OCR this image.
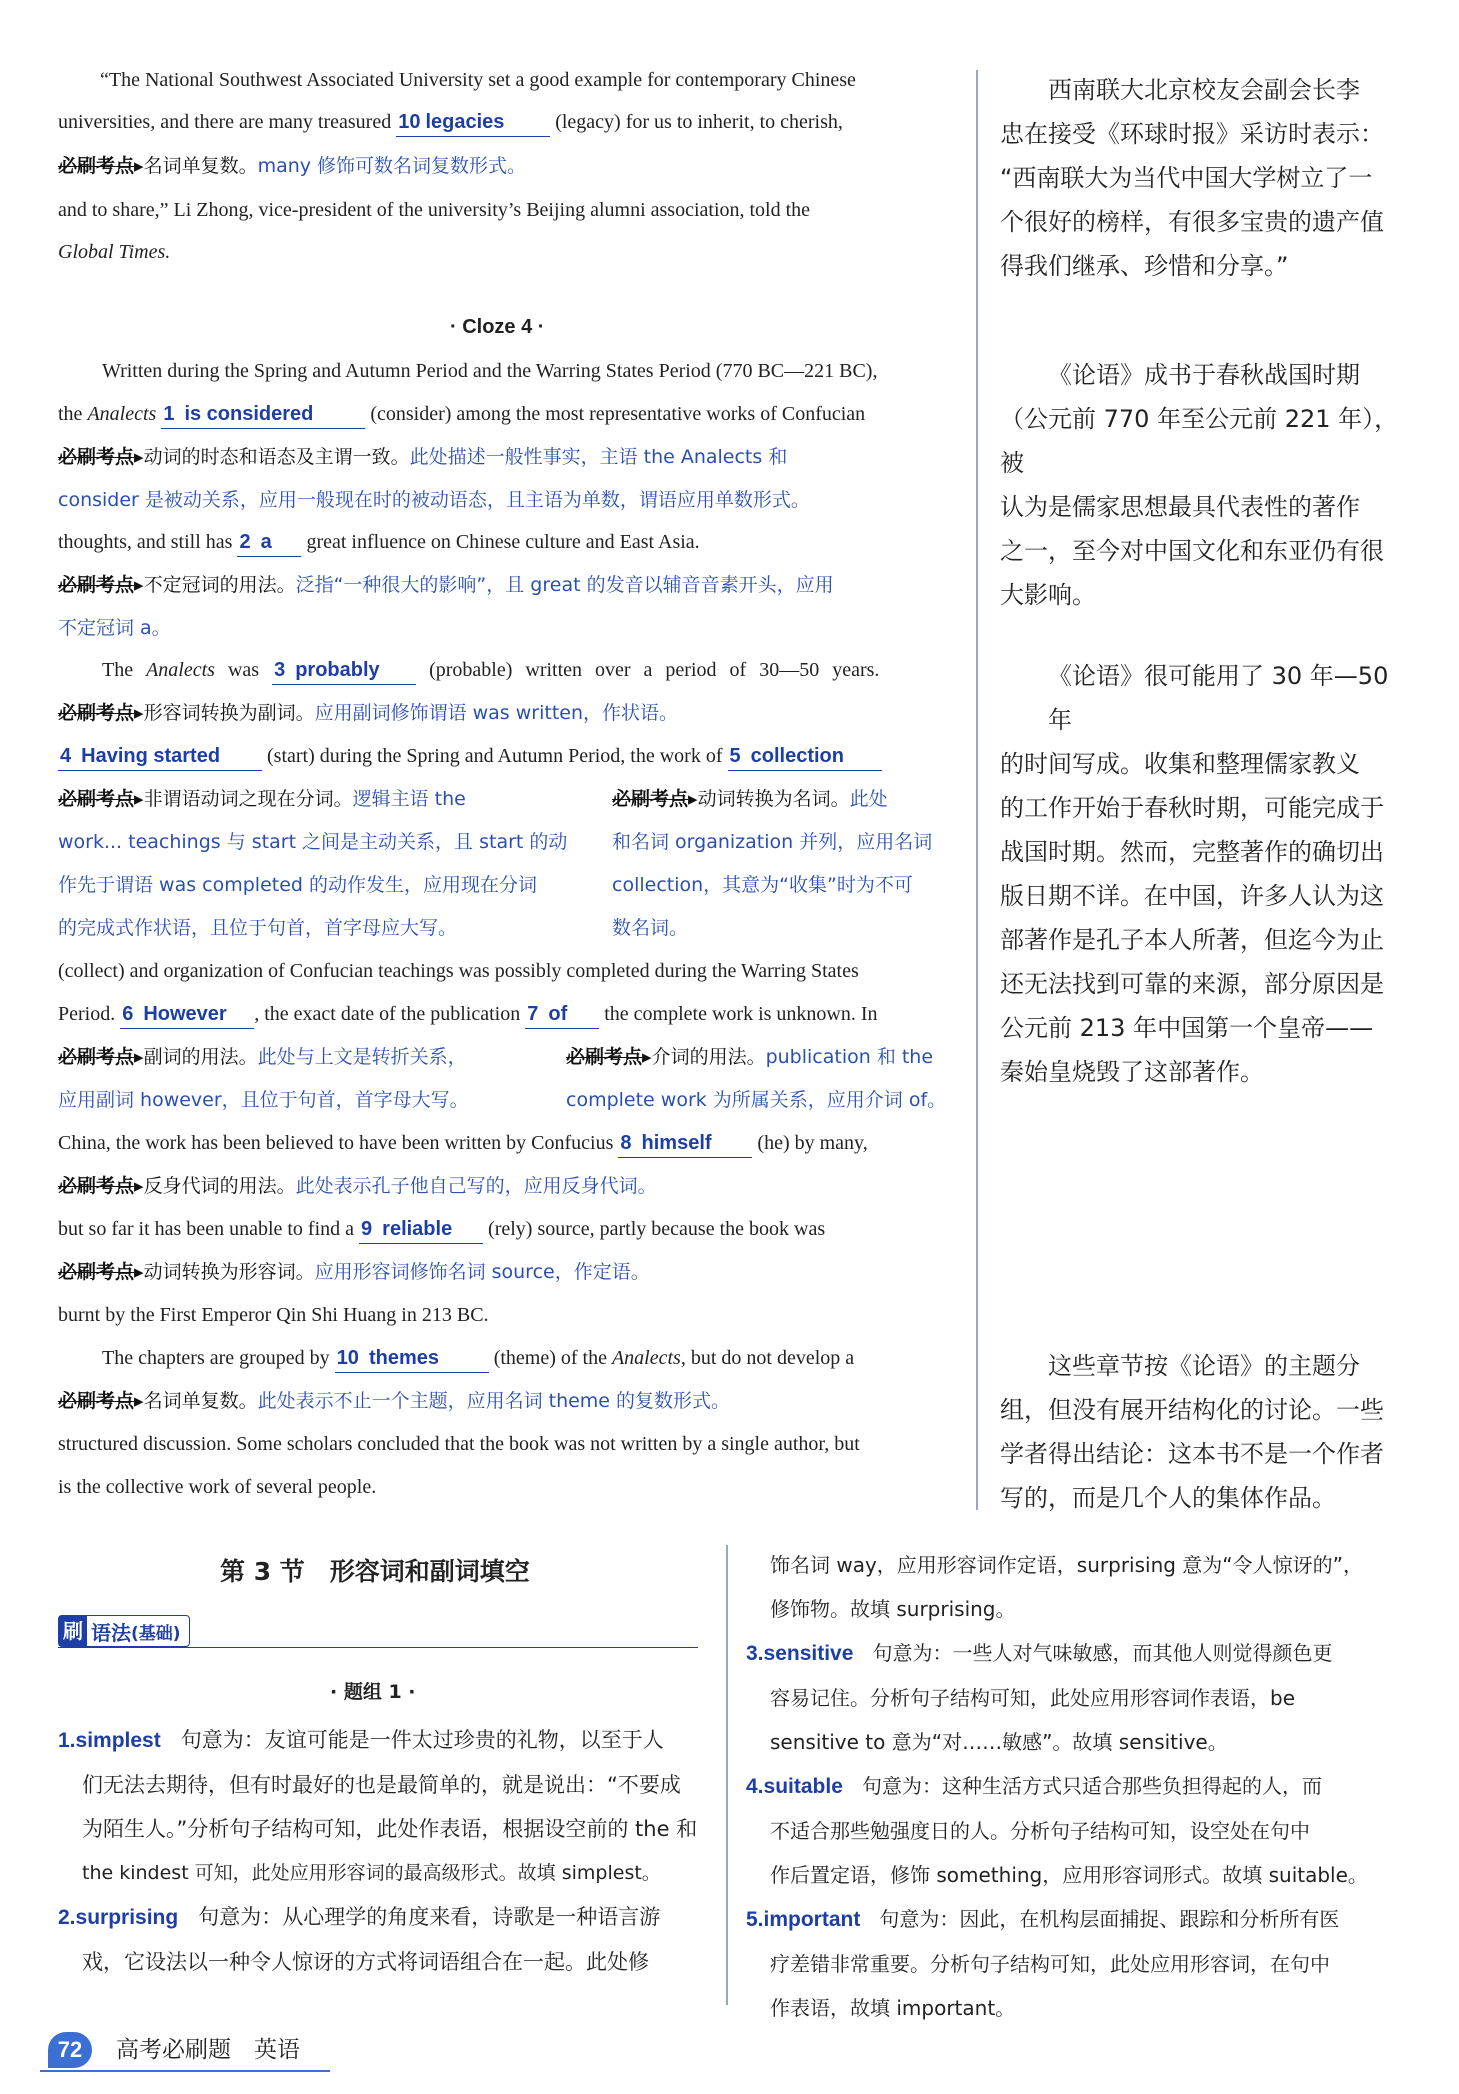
“The National Southwest Associated University set a good example for contemporary Chinese
universities, and there are many treasured 10 legacies	(legacy) for us to inherit, to cherish,
必刷考点▸名词单复数。many 修饰可数名词复数形式。
and to share,” Li Zhong, vice-president of the university’s Beijing alumni association, told the
Global Times.
· Cloze 4 ·
Written during the Spring and Autumn Period and the Warring States Period (770 BC—221 BC),
the Analects 1 is considered	(consider) among the most representative works of Confucian
必刷考点▸动词的时态和语态及主谓一致。此处描述一般性事实，主语 the Analects 和
consider 是被动关系，应用一般现在时的被动语态，且主语为单数，谓语应用单数形式。
thoughts, and still has 2 a great influence on Chinese culture and East Asia.
必刷考点▸不定冠词的用法。泛指“一种很大的影响”，且 great 的发音以辅音音素开头，应用
不定冠词 a。
The Analects was 3 probably (probable) written over a period of 30—50 years.
必刷考点▸形容词转换为副词。应用副词修饰谓语 was written，作状语。
4 Having started (start) during the Spring and Autumn Period, the work of 5 collection
必刷考点▸非谓语动词之现在分词。逻辑主语 the
work... teachings 与 start 之间是主动关系，且 start 的动
作先于谓语 was completed 的动作发生，应用现在分词
的完成式作状语，且位于句首，首字母应大写。
必刷考点▸动词转换为名词。此处
和名词 organization 并列，应用名词
collection，其意为“收集”时为不可
数名词。
(collect) and organization of Confucian teachings was possibly completed during the Warring States
Period. 6 However , the exact date of the publication 7 of the complete work is unknown. In
必刷考点▸副词的用法。此处与上文是转折关系，
应用副词 however，且位于句首，首字母大写。
必刷考点▸介词的用法。publication 和 the
complete work 为所属关系，应用介词 of。
China, the work has been believed to have been written by Confucius 8 himself (he) by many,
必刷考点▸反身代词的用法。此处表示孔子他自己写的，应用反身代词。
but so far it has been unable to find a 9 reliable (rely) source, partly because the book was
必刷考点▸动词转换为形容词。应用形容词修饰名词 source，作定语。
burnt by the First Emperor Qin Shi Huang in 213 BC.
The chapters are grouped by 10 themes	(theme) of the Analects, but do not develop a
必刷考点▸名词单复数。此处表示不止一个主题，应用名词 theme 的复数形式。
structured discussion. Some scholars concluded that the book was not written by a single author, but
is the collective work of several people.
西南联大北京校友会副会长李
忠在接受《环球时报》采访时表示：
“西南联大为当代中国大学树立了一
个很好的榜样，有很多宝贵的遗产值
得我们继承、珍惜和分享。”
《论语》成书于春秋战国时期
（公元前 770 年至公元前 221 年），被
认为是儒家思想最具代表性的著作
之一，至今对中国文化和东亚仍有很
大影响。
《论语》很可能用了 30 年—50 年
的时间写成。收集和整理儒家教义
的工作开始于春秋时期，可能完成于
战国时期。然而，完整著作的确切出
版日期不详。在中国，许多人认为这
部著作是孔子本人所著，但迄今为止
还无法找到可靠的来源，部分原因是
公元前 213 年中国第一个皇帝——
秦始皇烧毁了这部著作。
这些章节按《论语》的主题分
组，但没有展开结构化的讨论。一些
学者得出结论：这本书不是一个作者
写的，而是几个人的集体作品。
第 3 节　形容词和副词填空
刷 语法 (基础)
· 题组 1 ·
1.simplest 句意为：友谊可能是一件太过珍贵的礼物，以至于人
们无法去期待，但有时最好的也是最简单的，就是说出：“不要成
为陌生人。”分析句子结构可知，此处作表语，根据设空前的 the 和
the kindest 可知，此处应用形容词的最高级形式。故填 simplest。
2.surprising 句意为：从心理学的角度来看，诗歌是一种语言游
戏，它设法以一种令人惊讶的方式将词语组合在一起。此处修
饰名词 way，应用形容词作定语，surprising 意为“令人惊讶的”，
修饰物。故填 surprising。
3.sensitive 句意为：一些人对气味敏感，而其他人则觉得颜色更
容易记住。分析句子结构可知，此处应用形容词作表语，be
sensitive to 意为“对……敏感”。故填 sensitive。
4.suitable 句意为：这种生活方式只适合那些负担得起的人，而
不适合那些勉强度日的人。分析句子结构可知，设空处在句中
作后置定语，修饰 something，应用形容词形式。故填 suitable。
5.important 句意为：因此，在机构层面捕捉、跟踪和分析所有医
疗差错非常重要。分析句子结构可知，此处应用形容词，在句中
作表语，故填 important。
72	高考必刷题　英语
